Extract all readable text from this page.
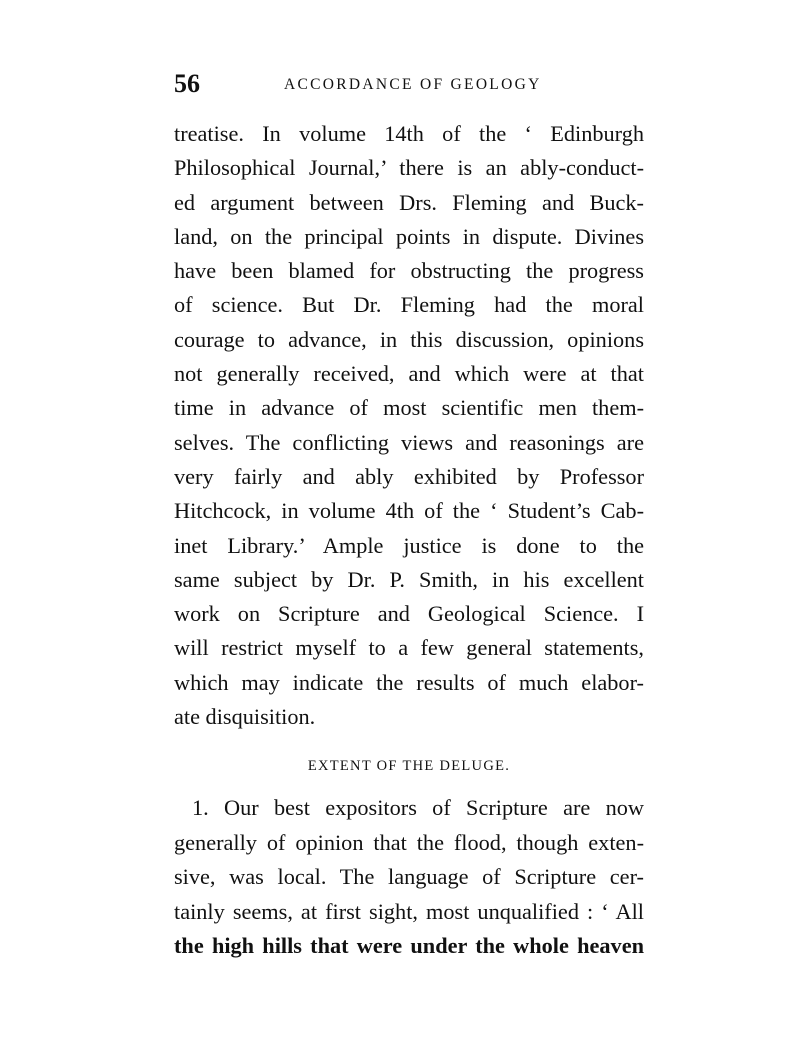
56	ACCORDANCE OF GEOLOGY
treatise. In volume 14th of the ‘ Edinburgh
Philosophical Journal,’ there is an ably-conduct-
ed argument between Drs. Fleming and Buck-
land, on the principal points in dispute. Divines
have been blamed for obstructing the progress
of science. But Dr. Fleming had the moral
courage to advance, in this discussion, opinions
not generally received, and which were at that
time in advance of most scientific men them-
selves. The conflicting views and reasonings are
very fairly and ably exhibited by Professor
Hitchcock, in volume 4th of the ‘ Student’s Cab-
inet Library.’ Ample justice is done to the
same subject by Dr. P. Smith, in his excellent
work on Scripture and Geological Science. I
will restrict myself to a few general statements,
which may indicate the results of much elabor-
ate disquisition.
EXTENT OF THE DELUGE.
1. Our best expositors of Scripture are now
generally of opinion that the flood, though exten-
sive, was local. The language of Scripture cer-
tainly seems, at first sight, most unqualified : ‘ All
the high hills that were under the whole heaven
